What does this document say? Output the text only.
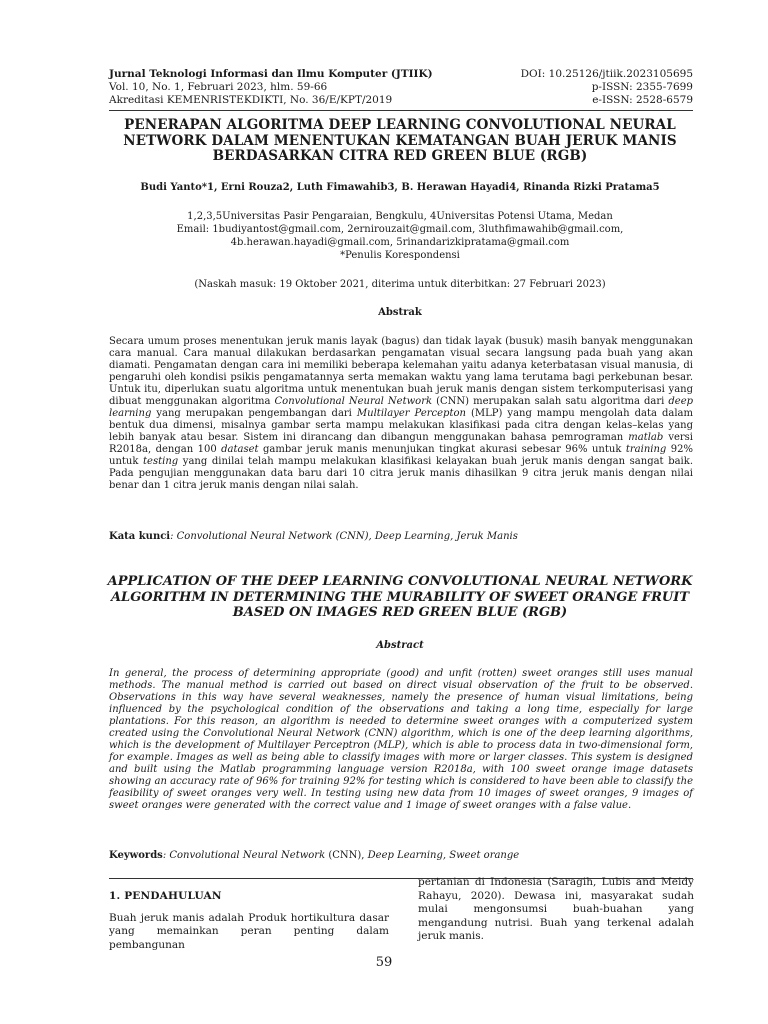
Jurnal Teknologi Informasi dan Ilmu Komputer (JTIIK)	DOI: 10.25126/jtiik.2023105695
Vol. 10, No. 1, Februari 2023, hlm. 59-66	p-ISSN: 2355-7699
Akreditasi KEMENRISTEKDIKTI, No. 36/E/KPT/2019	e-ISSN: 2528-6579
PENERAPAN ALGORITMA DEEP LEARNING CONVOLUTIONAL NEURAL NETWORK DALAM MENENTUKAN KEMATANGAN BUAH JERUK MANIS BERDASARKAN CITRA RED GREEN BLUE (RGB)
Budi Yanto*1, Erni Rouza2, Luth Fimawahib3, B. Herawan Hayadi4, Rinanda Rizki Pratama5
1,2,3,5Universitas Pasir Pengaraian, Bengkulu, 4Universitas Potensi Utama, Medan
Email: 1budiyantost@gmail.com, 2ernirouzait@gmail.com, 3luthfimawahib@gmail.com,
4b.herawan.hayadi@gmail.com, 5rinandarizkipratama@gmail.com
*Penulis Korespondensi
(Naskah masuk: 19 Oktober 2021, diterima untuk diterbitkan: 27 Februari 2023)
Abstrak
Secara umum proses menentukan jeruk manis layak (bagus) dan tidak layak (busuk) masih banyak menggunakan cara manual. Cara manual dilakukan berdasarkan pengamatan visual secara langsung pada buah yang akan diamati. Pengamatan dengan cara ini memiliki beberapa kelemahan yaitu adanya keterbatasan visual manusia, di pengaruhi oleh kondisi psikis pengamatannya serta memakan waktu yang lama terutama bagi perkebunan besar. Untuk itu, diperlukan suatu algoritma untuk menentukan buah jeruk manis dengan sistem terkomputerisasi yang dibuat menggunakan algoritma Convolutional Neural Network (CNN) merupakan salah satu algoritma dari deep learning yang merupakan pengembangan dari Multilayer Percepton (MLP) yang mampu mengolah data dalam bentuk dua dimensi, misalnya gambar serta mampu melakukan klasifikasi pada citra dengan kelas–kelas yang lebih banyak atau besar. Sistem ini dirancang dan dibangun menggunakan bahasa pemrograman matlab versi R2018a, dengan 100 dataset gambar jeruk manis menunjukan tingkat akurasi sebesar 96% untuk training 92% untuk testing yang dinilai telah mampu melakukan klasifikasi kelayakan buah jeruk manis dengan sangat baik. Pada pengujian menggunakan data baru dari 10 citra jeruk manis dihasilkan 9 citra jeruk manis dengan nilai benar dan 1 citra jeruk manis dengan nilai salah.
Kata kunci: Convolutional Neural Network (CNN), Deep Learning, Jeruk Manis
APPLICATION OF THE DEEP LEARNING CONVOLUTIONAL NEURAL NETWORK ALGORITHM IN DETERMINING THE MURABILITY OF SWEET ORANGE FRUIT BASED ON IMAGES RED GREEN BLUE (RGB)
Abstract
In general, the process of determining appropriate (good) and unfit (rotten) sweet oranges still uses manual methods. The manual method is carried out based on direct visual observation of the fruit to be observed. Observations in this way have several weaknesses, namely the presence of human visual limitations, being influenced by the psychological condition of the observations and taking a long time, especially for large plantations. For this reason, an algorithm is needed to determine sweet oranges with a computerized system created using the Convolutional Neural Network (CNN) algorithm, which is one of the deep learning algorithms, which is the development of Multilayer Perceptron (MLP), which is able to process data in two-dimensional form, for example. Images as well as being able to classify images with more or larger classes. This system is designed and built using the Matlab programming language version R2018a, with 100 sweet orange image datasets showing an accuracy rate of 96% for training 92% for testing which is considered to have been able to classify the feasibility of sweet oranges very well. In testing using new data from 10 images of sweet oranges, 9 images of sweet oranges were generated with the correct value and 1 image of sweet oranges with a false value.
Keywords: Convolutional Neural Network (CNN), Deep Learning, Sweet orange
1. PENDAHULUAN
Buah jeruk manis adalah Produk hortikultura dasar yang memainkan peran penting dalam pembangunan
pertanian di Indonesia (Saragih, Lubis and Meidy Rahayu, 2020). Dewasa ini, masyarakat sudah mulai mengonsumsi buah-buahan yang mengandung nutrisi. Buah yang terkenal adalah jeruk manis.
59
